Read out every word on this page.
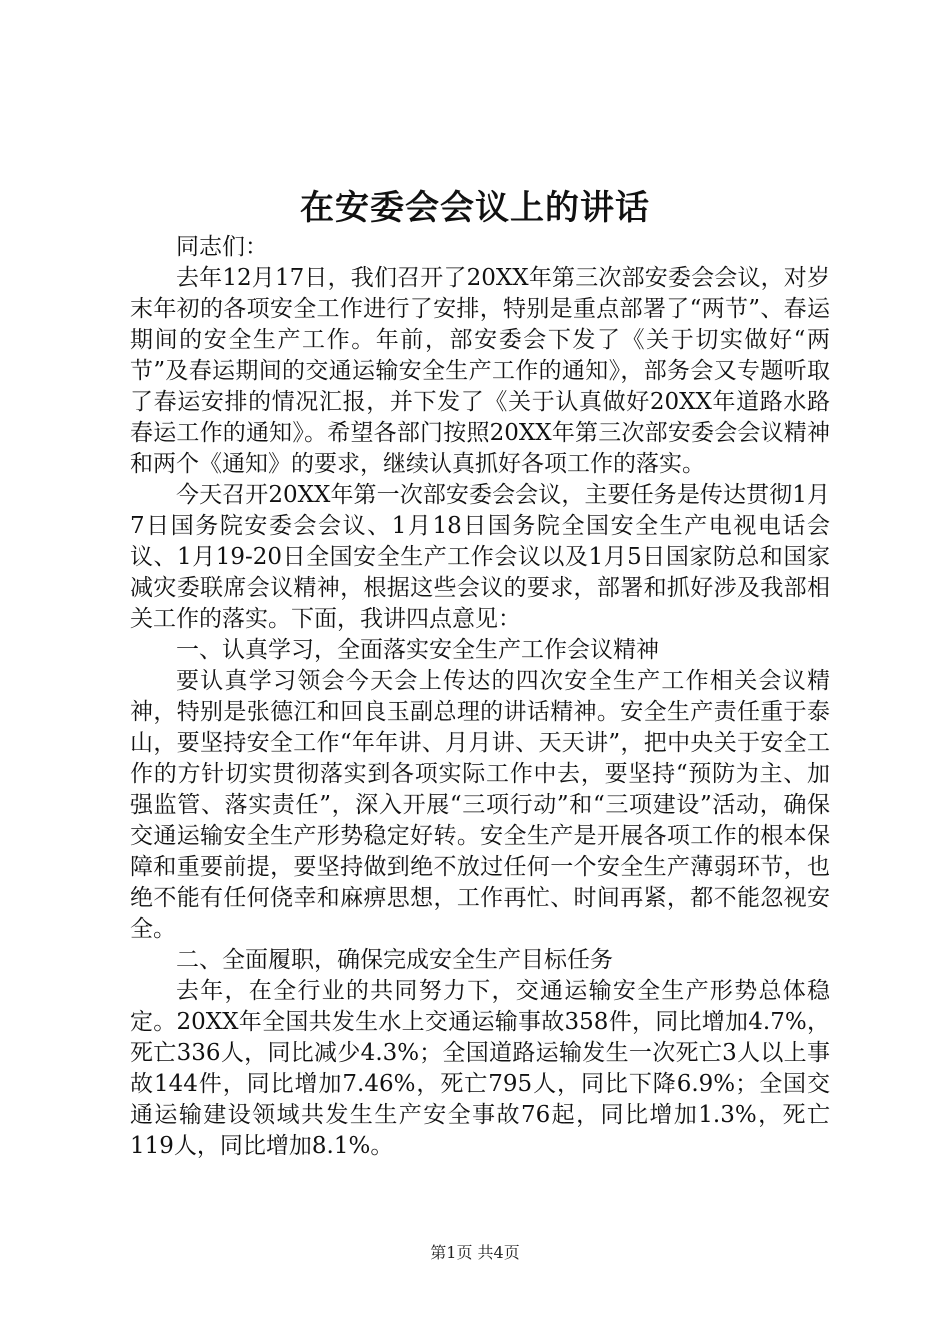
在安委会会议上的讲话

同志们：

去年12月17日，我们召开了20XX年第三次部安委会会议，对岁末年初的各项安全工作进行了安排，特别是重点部署了“两节”、春运期间的安全生产工作。年前，部安委会下发了《关于切实做好“两节”及春运期间的交通运输安全生产工作的通知》，部务会又专题听取了春运安排的情况汇报，并下发了《关于认真做好20XX年道路水路春运工作的通知》。希望各部门按照20XX年第三次部安委会会议精神和两个《通知》的要求，继续认真抓好各项工作的落实。

今天召开20XX年第一次部安委会会议，主要任务是传达贯彻1月7日国务院安委会会议、1月18日国务院全国安全生产电视电话会议、1月19-20日全国安全生产工作会议以及1月5日国家防总和国家减灾委联席会议精神，根据这些会议的要求，部署和抓好涉及我部相关工作的落实。下面，我讲四点意见：

一、认真学习，全面落实安全生产工作会议精神

要认真学习领会今天会上传达的四次安全生产工作相关会议精神，特别是张德江和回良玉副总理的讲话精神。安全生产责任重于泰山，要坚持安全工作“年年讲、月月讲、天天讲”，把中央关于安全工作的方针切实贯彻落实到各项实际工作中去，要坚持“预防为主、加强监管、落实责任”，深入开展“三项行动”和“三项建设”活动，确保交通运输安全生产形势稳定好转。安全生产是开展各项工作的根本保障和重要前提，要坚持做到绝不放过任何一个安全生产薄弱环节，也绝不能有任何侥幸和麻痹思想，工作再忙、时间再紧，都不能忽视安全。

二、全面履职，确保完成安全生产目标任务

去年，在全行业的共同努力下，交通运输安全生产形势总体稳定。20XX年全国共发生水上交通运输事故358件，同比增加4.7%，死亡336人，同比减少4.3%；全国道路运输发生一次死亡3人以上事故144件，同比增加7.46%，死亡795人，同比下降6.9%；全国交通运输建设领域共发生生产安全事故76起，同比增加1.3%，死亡119人，同比增加8.1%。

第1页 共4页
